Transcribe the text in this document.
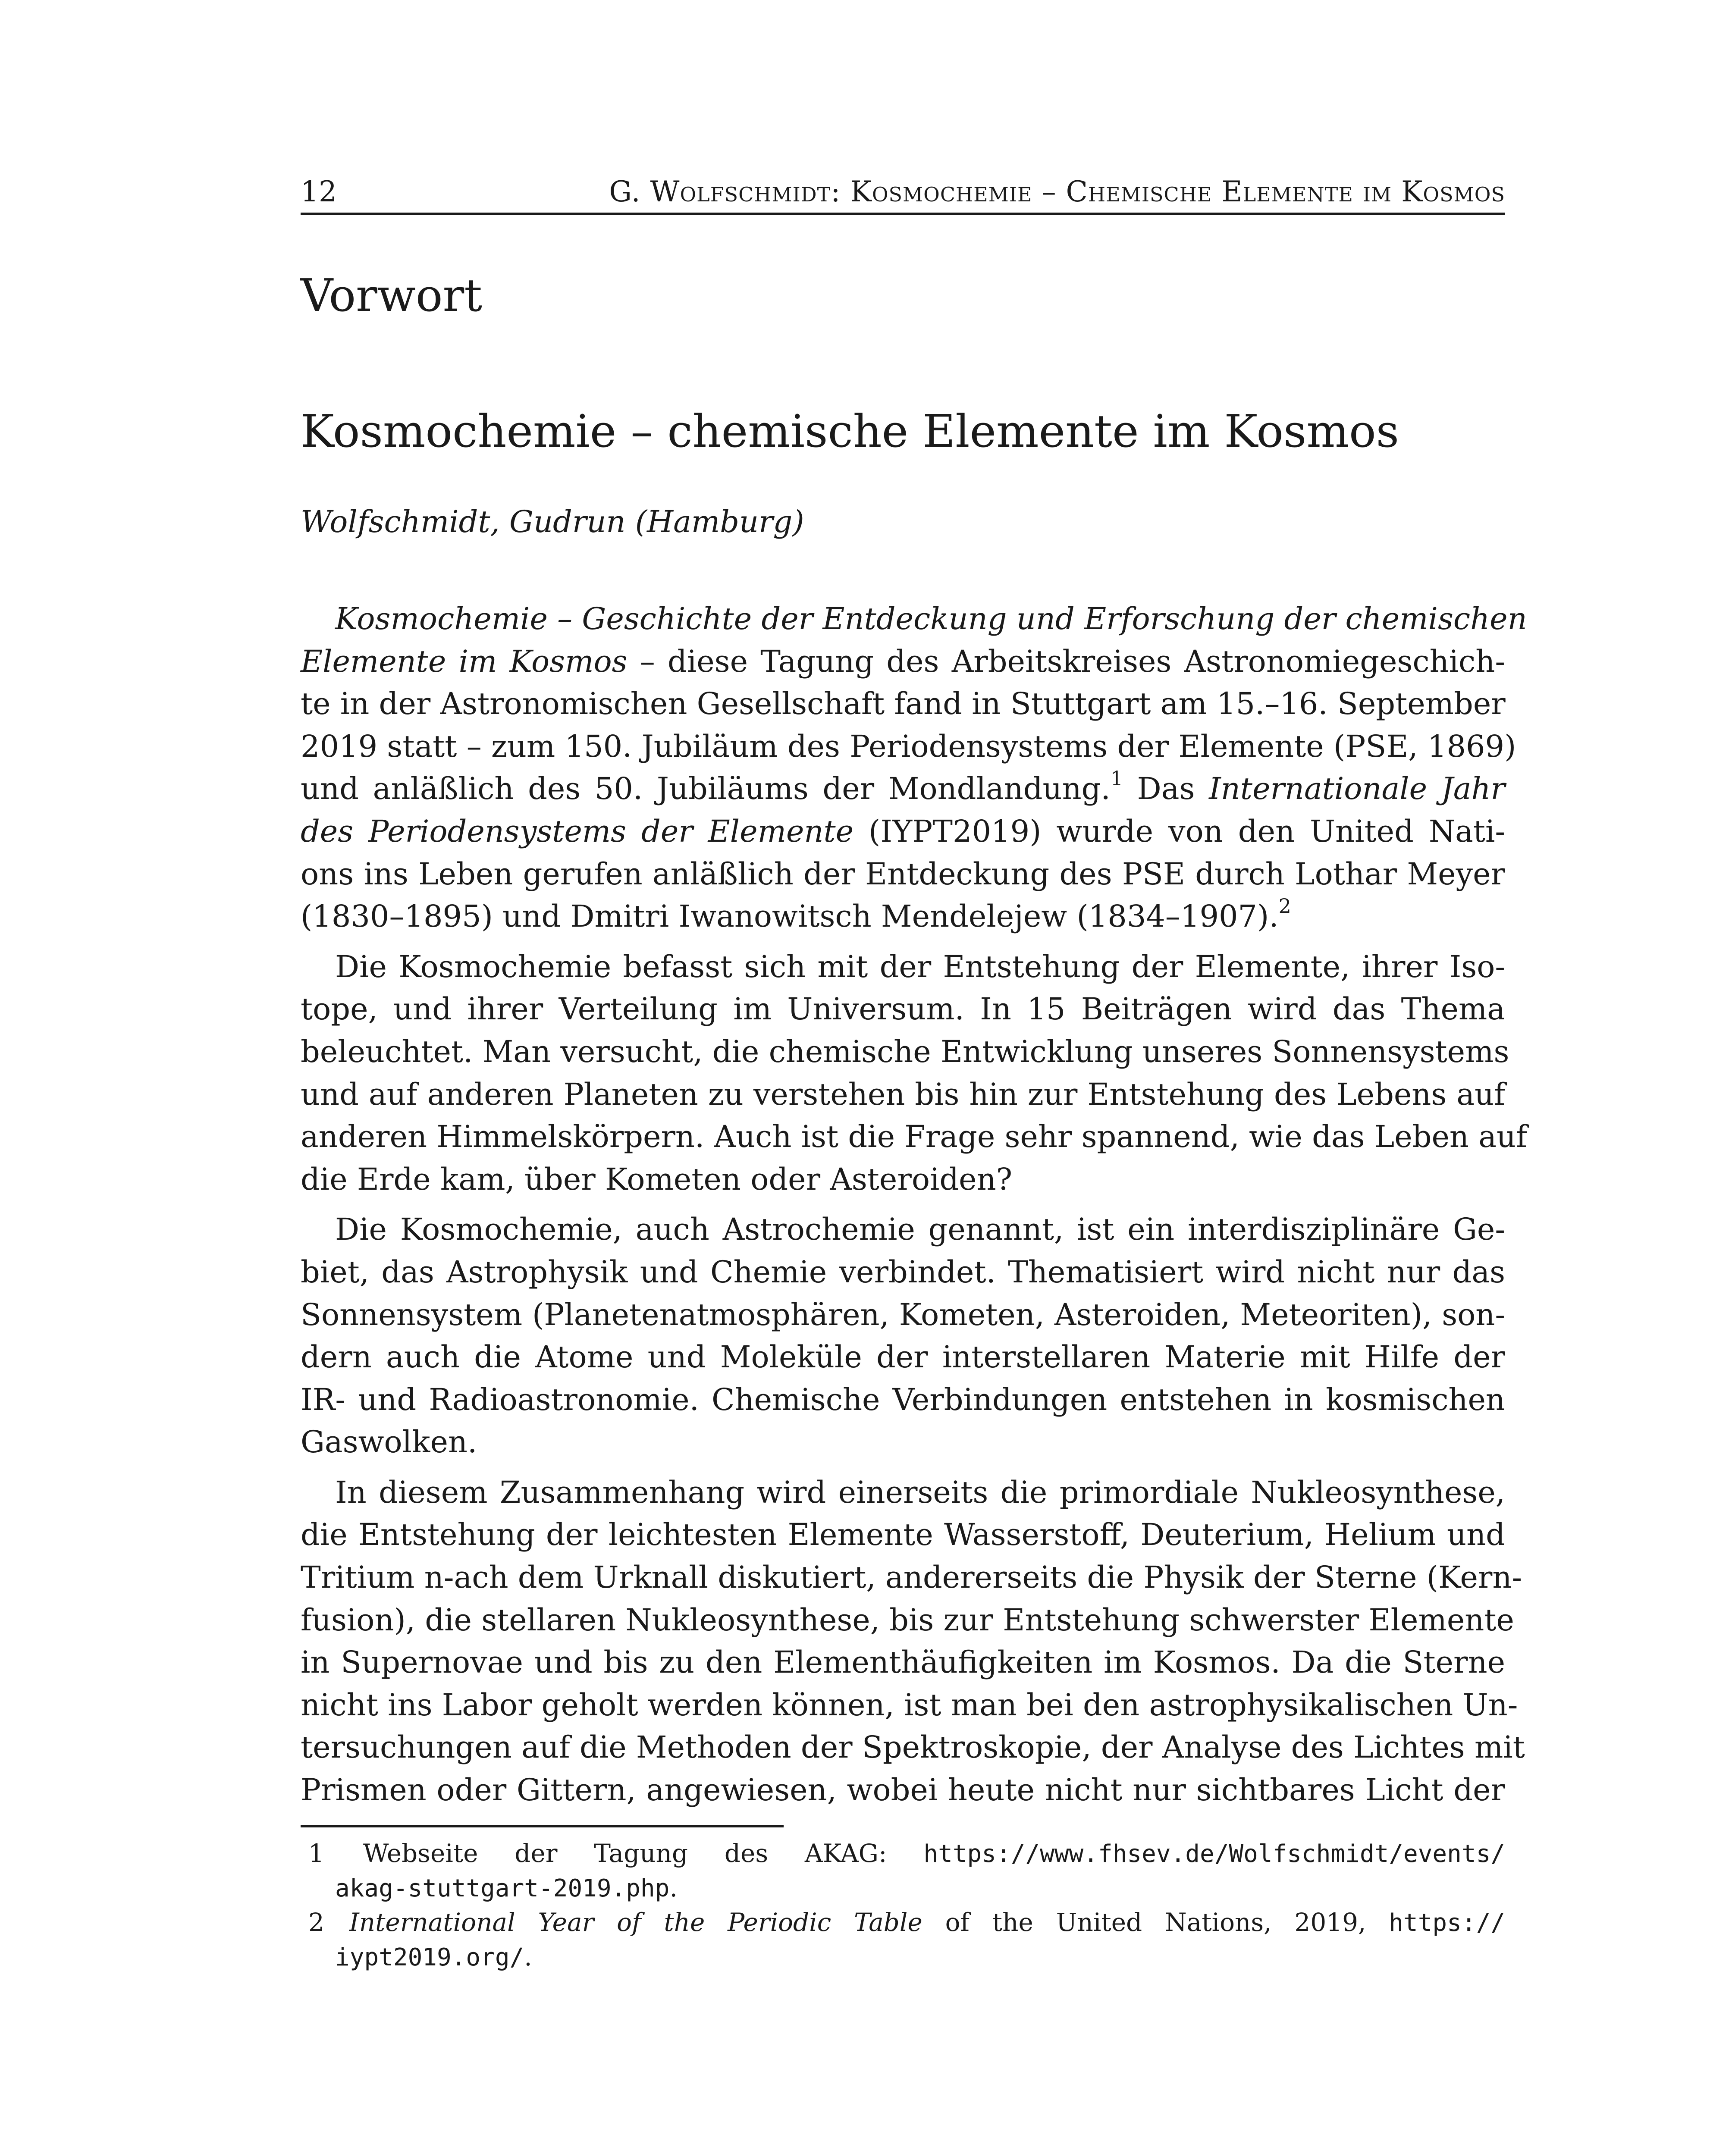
12	G. Wolfschmidt: Kosmochemie – Chemische Elemente im Kosmos
Vorwort
Kosmochemie – chemische Elemente im Kosmos
Wolfschmidt, Gudrun (Hamburg)
Kosmochemie – Geschichte der Entdeckung und Erforschung der chemischen
Elemente im Kosmos – diese Tagung des Arbeitskreises Astronomiegeschich-
te in der Astronomischen Gesellschaft fand in Stuttgart am 15.–16. September
2019 statt – zum 150. Jubiläum des Periodensystems der Elemente (PSE, 1869)
und anläßlich des 50. Jubiläums der Mondlandung.$^1$ Das Internationale Jahr
des Periodensystems der Elemente (IYPT2019) wurde von den United Nati-
ons ins Leben gerufen anläßlich der Entdeckung des PSE durch Lothar Meyer
(1830–1895) und Dmitri Iwanowitsch Mendelejew (1834–1907).$^2$
Die Kosmochemie befasst sich mit der Entstehung der Elemente, ihrer Iso-
tope, und ihrer Verteilung im Universum. In 15 Beiträgen wird das Thema
beleuchtet. Man versucht, die chemische Entwicklung unseres Sonnensystems
und auf anderen Planeten zu verstehen bis hin zur Entstehung des Lebens auf
anderen Himmelskörpern. Auch ist die Frage sehr spannend, wie das Leben auf
die Erde kam, über Kometen oder Asteroiden?
Die Kosmochemie, auch Astrochemie genannt, ist ein interdisziplinäre Ge-
biet, das Astrophysik und Chemie verbindet. Thematisiert wird nicht nur das
Sonnensystem (Planetenatmosphären, Kometen, Asteroiden, Meteoriten), son-
dern auch die Atome und Moleküle der interstellaren Materie mit Hilfe der
IR- und Radioastronomie. Chemische Verbindungen entstehen in kosmischen
Gaswolken.
In diesem Zusammenhang wird einerseits die primordiale Nukleosynthese,
die Entstehung der leichtesten Elemente Wasserstoff, Deuterium, Helium und
Tritium n-ach dem Urknall diskutiert, andererseits die Physik der Sterne (Kern-
fusion), die stellaren Nukleosynthese, bis zur Entstehung schwerster Elemente
in Supernovae und bis zu den Elementhäufigkeiten im Kosmos. Da die Sterne
nicht ins Labor geholt werden können, ist man bei den astrophysikalischen Un-
tersuchungen auf die Methoden der Spektroskopie, der Analyse des Lichtes mit
Prismen oder Gittern, angewiesen, wobei heute nicht nur sichtbares Licht der
1 Webseite der Tagung des AKAG: https://www.fhsev.de/Wolfschmidt/events/
akag-stuttgart-2019.php.
2 International Year of the Periodic Table of the United Nations, 2019, https://
iypt2019.org/.
